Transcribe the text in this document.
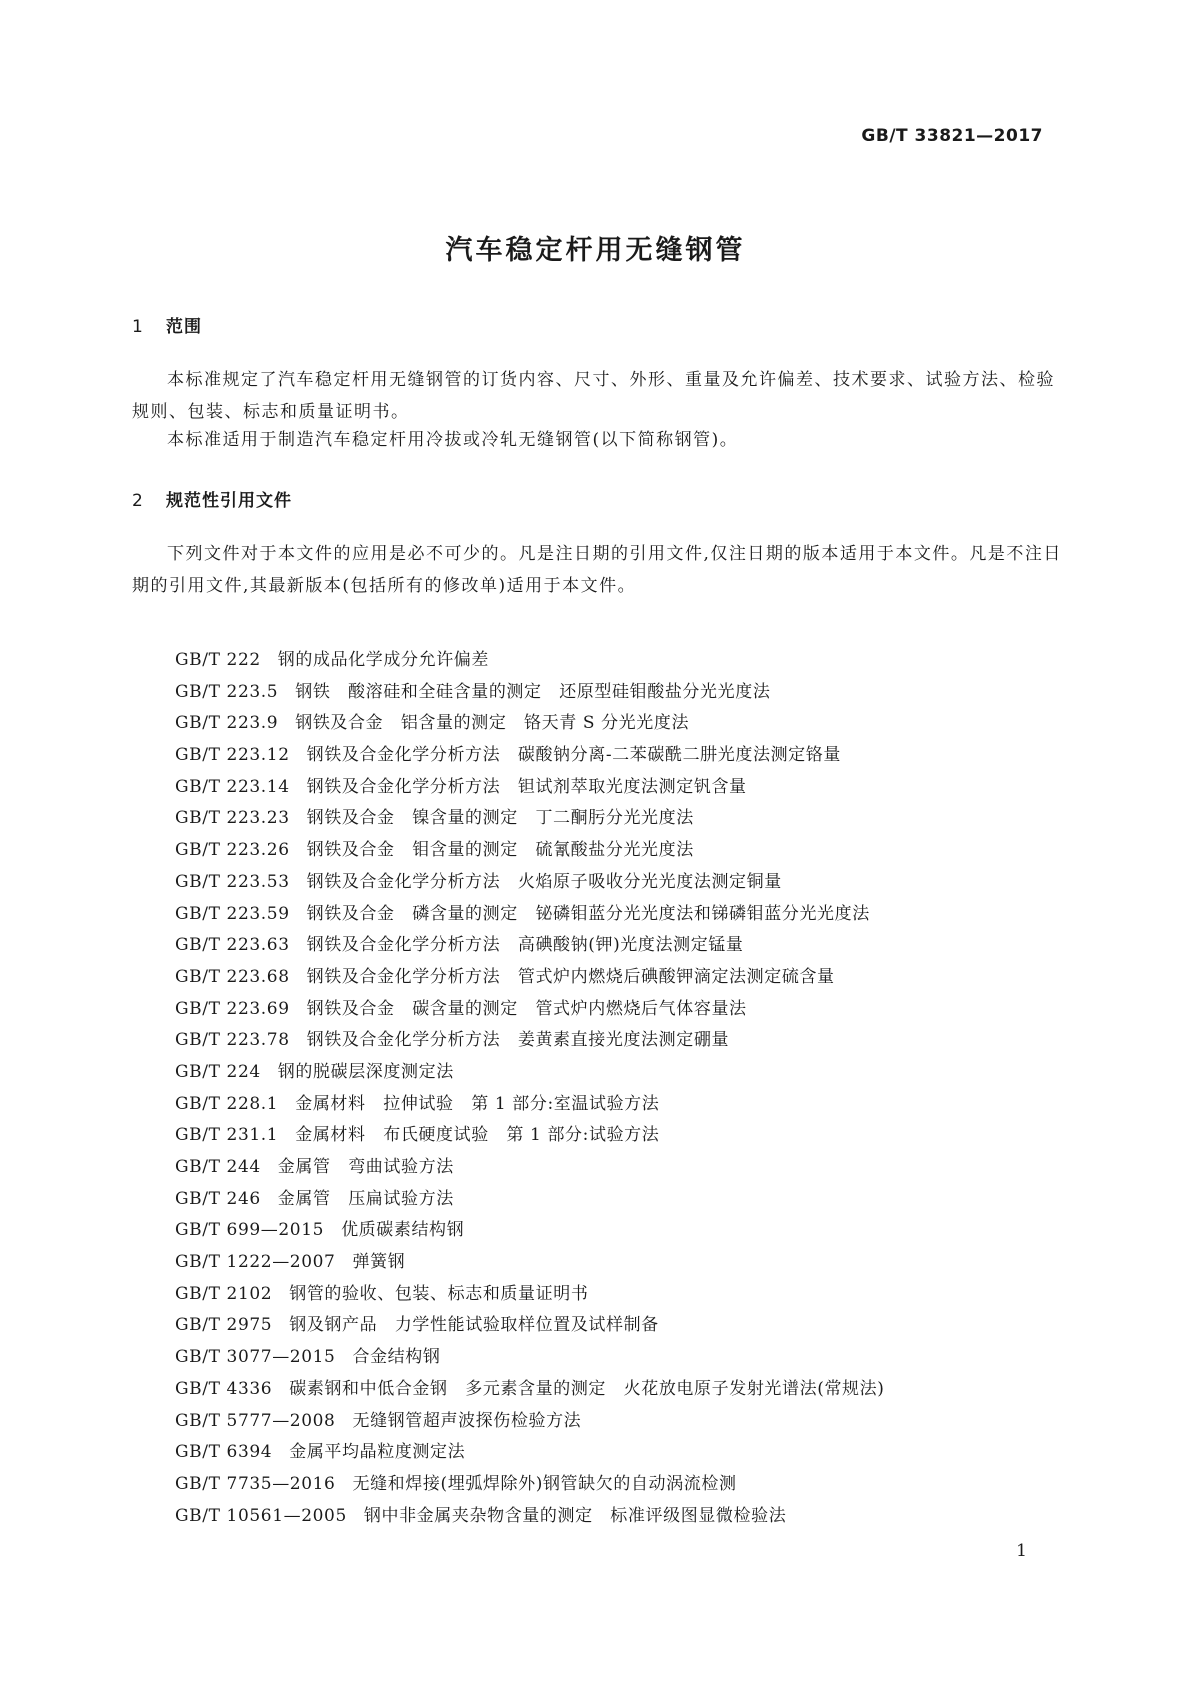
GB/T 33821—2017
汽车稳定杆用无缝钢管
1 范围

本标准规定了汽车稳定杆用无缝钢管的订货内容、尺寸、外形、重量及允许偏差、技术要求、试验方法、检验规则、包装、标志和质量证明书。

本标准适用于制造汽车稳定杆用冷拔或冷轧无缝钢管(以下简称钢管)。

2 规范性引用文件

下列文件对于本文件的应用是必不可少的。凡是注日期的引用文件,仅注日期的版本适用于本文件。凡是不注日期的引用文件,其最新版本(包括所有的修改单)适用于本文件。

GB/T 222 钢的成品化学成分允许偏差
GB/T 223.5 钢铁　酸溶硅和全硅含量的测定　还原型硅钼酸盐分光光度法
GB/T 223.9 钢铁及合金　铝含量的测定　铬天青 S 分光光度法
GB/T 223.12 钢铁及合金化学分析方法　碳酸钠分离-二苯碳酰二肼光度法测定铬量
GB/T 223.14 钢铁及合金化学分析方法　钽试剂萃取光度法测定钒含量
GB/T 223.23 钢铁及合金　镍含量的测定　丁二酮肟分光光度法
GB/T 223.26 钢铁及合金　钼含量的测定　硫氰酸盐分光光度法
GB/T 223.53 钢铁及合金化学分析方法　火焰原子吸收分光光度法测定铜量
GB/T 223.59 钢铁及合金　磷含量的测定　铋磷钼蓝分光光度法和锑磷钼蓝分光光度法
GB/T 223.63 钢铁及合金化学分析方法　高碘酸钠(钾)光度法测定锰量
GB/T 223.68 钢铁及合金化学分析方法　管式炉内燃烧后碘酸钾滴定法测定硫含量
GB/T 223.69 钢铁及合金　碳含量的测定　管式炉内燃烧后气体容量法
GB/T 223.78 钢铁及合金化学分析方法　姜黄素直接光度法测定硼量
GB/T 224 钢的脱碳层深度测定法
GB/T 228.1 金属材料　拉伸试验　第 1 部分:室温试验方法
GB/T 231.1 金属材料　布氏硬度试验　第 1 部分:试验方法
GB/T 244 金属管　弯曲试验方法
GB/T 246 金属管　压扁试验方法
GB/T 699—2015 优质碳素结构钢
GB/T 1222—2007 弹簧钢
GB/T 2102 钢管的验收、包装、标志和质量证明书
GB/T 2975 钢及钢产品　力学性能试验取样位置及试样制备
GB/T 3077—2015 合金结构钢
GB/T 4336 碳素钢和中低合金钢　多元素含量的测定　火花放电原子发射光谱法(常规法)
GB/T 5777—2008 无缝钢管超声波探伤检验方法
GB/T 6394 金属平均晶粒度测定法
GB/T 7735—2016 无缝和焊接(埋弧焊除外)钢管缺欠的自动涡流检测
GB/T 10561—2005 钢中非金属夹杂物含量的测定　标准评级图显微检验法
1
